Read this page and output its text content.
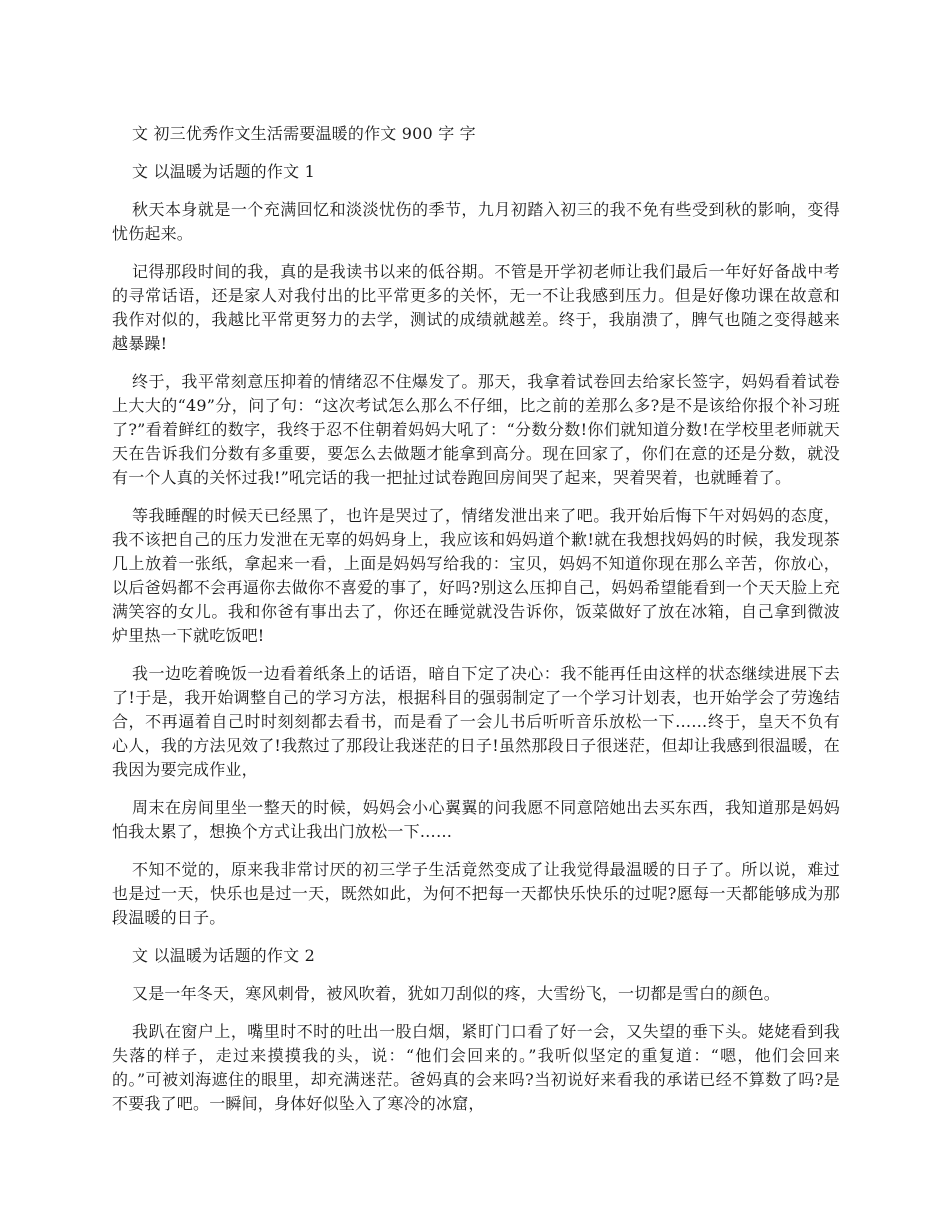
文 初三优秀作文生活需要温暖的作文 900 字 字

文 以温暖为话题的作文 1

秋天本身就是一个充满回忆和淡淡忧伤的季节，九月初踏入初三的我不免有些受到秋的影响，变得忧伤起来。

记得那段时间的我，真的是我读书以来的低谷期。不管是开学初老师让我们最后一年好好备战中考的寻常话语，还是家人对我付出的比平常更多的关怀，无一不让我感到压力。但是好像功课在故意和我作对似的，我越比平常更努力的去学，测试的成绩就越差。终于，我崩溃了，脾气也随之变得越来越暴躁!

终于，我平常刻意压抑着的情绪忍不住爆发了。那天，我拿着试卷回去给家长签字，妈妈看着试卷上大大的“49”分，问了句：“这次考试怎么那么不仔细，比之前的差那么多?是不是该给你报个补习班了?”看着鲜红的数字，我终于忍不住朝着妈妈大吼了：“分数分数!你们就知道分数!在学校里老师就天天在告诉我们分数有多重要，要怎么去做题才能拿到高分。现在回家了，你们在意的还是分数，就没有一个人真的关怀过我!”吼完话的我一把扯过试卷跑回房间哭了起来，哭着哭着，也就睡着了。

等我睡醒的时候天已经黑了，也许是哭过了，情绪发泄出来了吧。我开始后悔下午对妈妈的态度，我不该把自己的压力发泄在无辜的妈妈身上，我应该和妈妈道个歉!就在我想找妈妈的时候，我发现茶几上放着一张纸，拿起来一看，上面是妈妈写给我的：宝贝，妈妈不知道你现在那么辛苦，你放心，以后爸妈都不会再逼你去做你不喜爱的事了，好吗?别这么压抑自己，妈妈希望能看到一个天天脸上充满笑容的女儿。我和你爸有事出去了，你还在睡觉就没告诉你，饭菜做好了放在冰箱，自己拿到微波炉里热一下就吃饭吧!

我一边吃着晚饭一边看着纸条上的话语，暗自下定了决心：我不能再任由这样的状态继续进展下去了!于是，我开始调整自己的学习方法，根据科目的强弱制定了一个学习计划表，也开始学会了劳逸结合，不再逼着自己时时刻刻都去看书，而是看了一会儿书后听听音乐放松一下……终于，皇天不负有心人，我的方法见效了!我熬过了那段让我迷茫的日子!虽然那段日子很迷茫，但却让我感到很温暖，在我因为要完成作业，

周末在房间里坐一整天的时候，妈妈会小心翼翼的问我愿不同意陪她出去买东西，我知道那是妈妈怕我太累了，想换个方式让我出门放松一下……

不知不觉的，原来我非常讨厌的初三学子生活竟然变成了让我觉得最温暖的日子了。所以说，难过也是过一天，快乐也是过一天，既然如此，为何不把每一天都快乐快乐的过呢?愿每一天都能够成为那段温暖的日子。

文 以温暖为话题的作文 2

又是一年冬天，寒风刺骨，被风吹着，犹如刀刮似的疼，大雪纷飞，一切都是雪白的颜色。

我趴在窗户上，嘴里时不时的吐出一股白烟，紧盯门口看了好一会，又失望的垂下头。姥姥看到我失落的样子，走过来摸摸我的头，说：“他们会回来的。”我听似坚定的重复道：“嗯，他们会回来的。”可被刘海遮住的眼里，却充满迷茫。爸妈真的会来吗?当初说好来看我的承诺已经不算数了吗?是不要我了吧。一瞬间，身体好似坠入了寒冷的冰窟，
